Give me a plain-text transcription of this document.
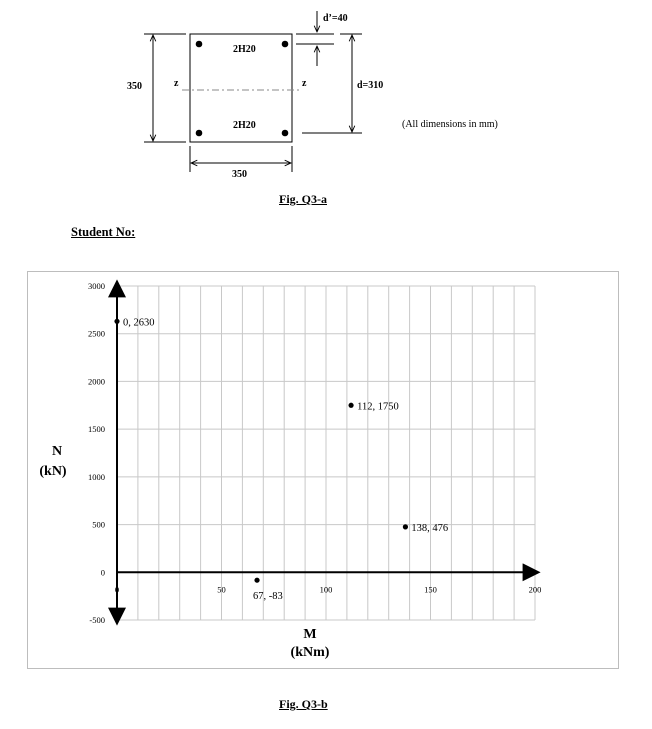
2H20
2H20
z	z
350
350
d’=40
d=310
(All dimensions in mm)
Fig. Q3-a
Student No:
-500
0
500
1000
1500
2000
2500
3000
0	50	100	150	200
0, 2630
112, 1750
138, 476
67, -83
N
(kN)
M
(kNm)
Fig. Q3-b
